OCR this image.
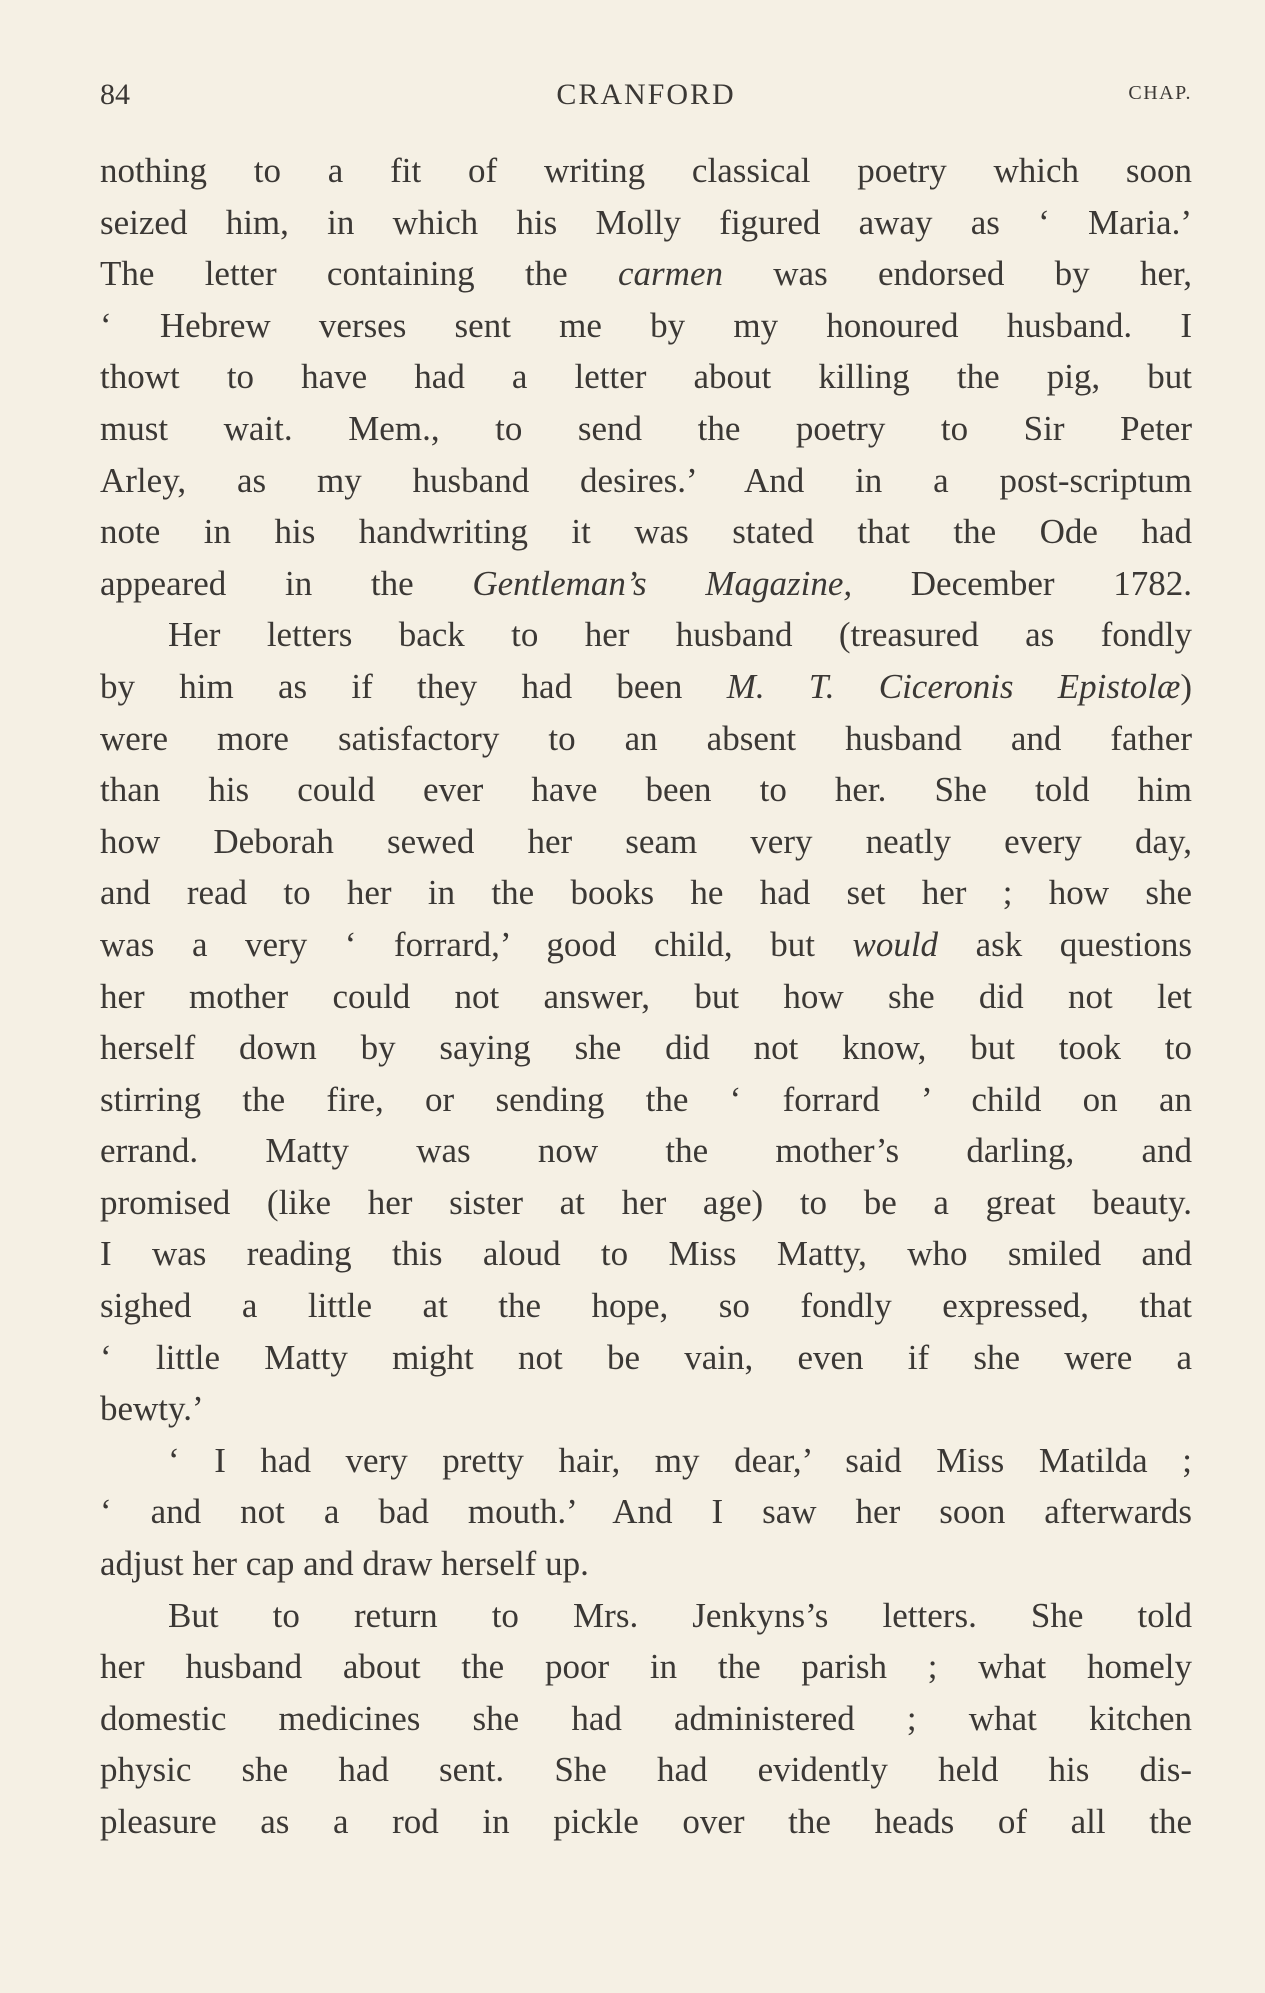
84	CRANFORD	CHAP.
nothing to a fit of writing classical poetry which soon
seized him, in which his Molly figured away as ‘ Maria.’
The letter containing the carmen was endorsed by her,
‘ Hebrew verses sent me by my honoured husband. I
thowt to have had a letter about killing the pig, but
must wait. Mem., to send the poetry to Sir Peter
Arley, as my husband desires.’ And in a post-scriptum
note in his handwriting it was stated that the Ode had
appeared in the Gentleman’s Magazine, December 1782.
Her letters back to her husband (treasured as fondly
by him as if they had been M. T. Ciceronis Epistolæ)
were more satisfactory to an absent husband and father
than his could ever have been to her. She told him
how Deborah sewed her seam very neatly every day,
and read to her in the books he had set her ; how she
was a very ‘ forrard,’ good child, but would ask questions
her mother could not answer, but how she did not let
herself down by saying she did not know, but took to
stirring the fire, or sending the ‘ forrard ’ child on an
errand. Matty was now the mother’s darling, and
promised (like her sister at her age) to be a great beauty.
I was reading this aloud to Miss Matty, who smiled and
sighed a little at the hope, so fondly expressed, that
‘ little Matty might not be vain, even if she were a
bewty.’
‘ I had very pretty hair, my dear,’ said Miss Matilda ;
‘ and not a bad mouth.’ And I saw her soon afterwards
adjust her cap and draw herself up.
But to return to Mrs. Jenkyns’s letters. She told
her husband about the poor in the parish ; what homely
domestic medicines she had administered ; what kitchen
physic she had sent. She had evidently held his dis-
pleasure as a rod in pickle over the heads of all the
